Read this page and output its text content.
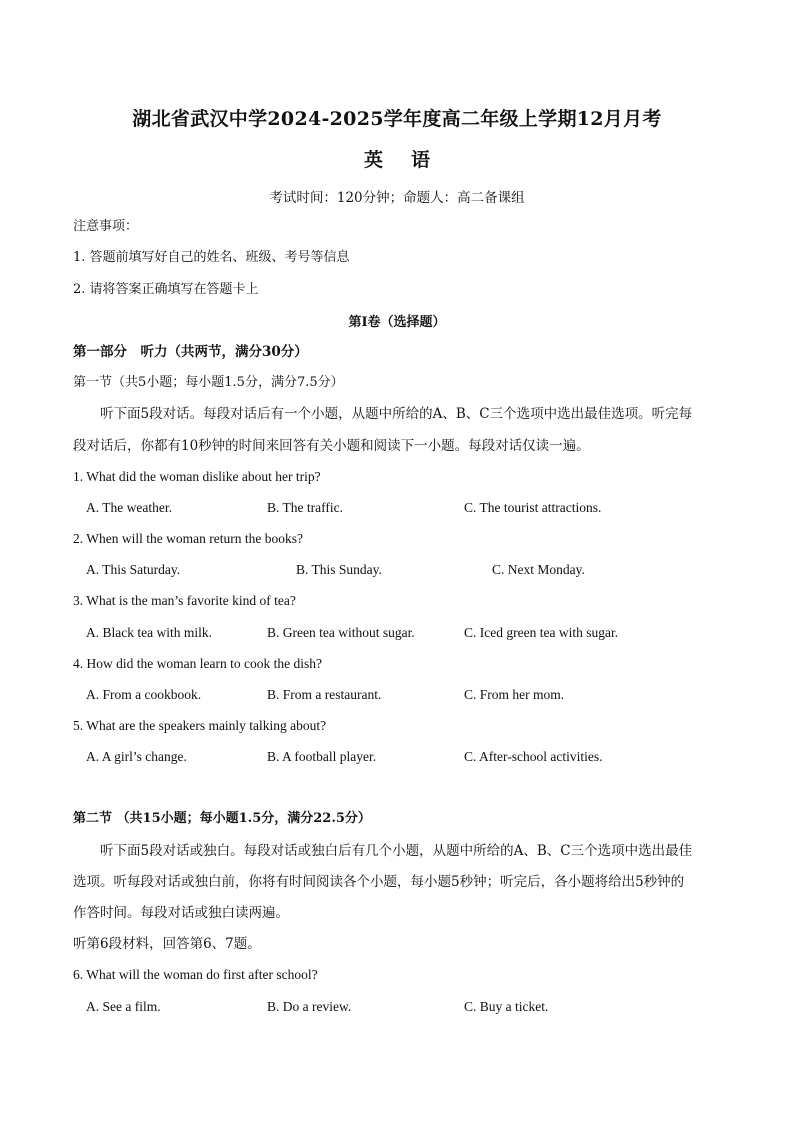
湖北省武汉中学2024-2025学年度高二年级上学期12月月考
英 语
考试时间：120分钟；命题人：高二备课组
注意事项：
1. 答题前填写好自己的姓名、班级、考号等信息
2. 请将答案正确填写在答题卡上
第I卷（选择题）
第一部分　听力（共两节，满分30分）
第一节（共5小题；每小题1.5分，满分7.5分）
听下面5段对话。每段对话后有一个小题，从题中所给的A、B、C三个选项中选出最佳选项。听完每
段对话后，你都有10秒钟的时间来回答有关小题和阅读下一小题。每段对话仅读一遍。
1. What did the woman dislike about her trip?
A. The weather.	B. The traffic.	C. The tourist attractions.
2. When will the woman return the books?
A. This Saturday.	B. This Sunday.	C. Next Monday.
3. What is the man’s favorite kind of tea?
A. Black tea with milk.	B. Green tea without sugar.	C. Iced green tea with sugar.
4. How did the woman learn to cook the dish?
A. From a cookbook.	B. From a restaurant.	C. From her mom.
5. What are the speakers mainly talking about?
A. A girl’s change.	B. A football player.	C. After-school activities.
第二节 （共15小题；每小题1.5分，满分22.5分）
听下面5段对话或独白。每段对话或独白后有几个小题，从题中所给的A、B、C三个选项中选出最佳
选项。听每段对话或独白前，你将有时间阅读各个小题，每小题5秒钟；听完后，各小题将给出5秒钟的
作答时间。每段对话或独白读两遍。
听第6段材料，回答第6、7题。
6. What will the woman do first after school?
A. See a film.	B. Do a review.	C. Buy a ticket.
